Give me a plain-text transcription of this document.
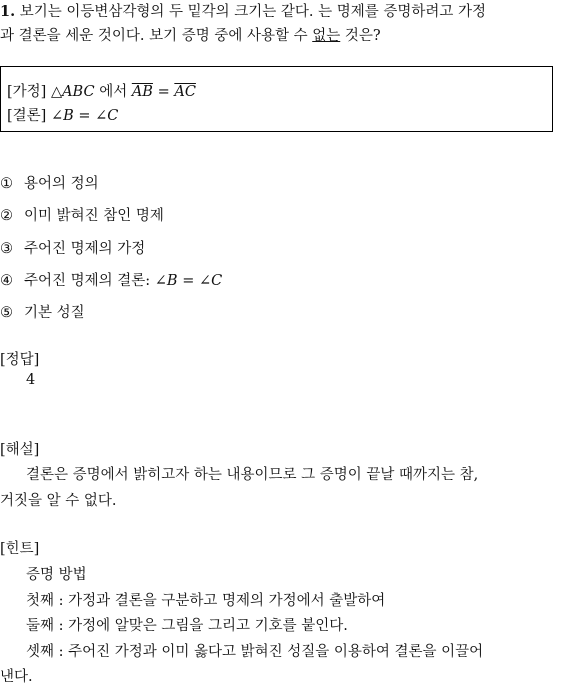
1. 보기는 이등변삼각형의 두 밑각의 크기는 같다. 는 명제를 증명하려고 가정
과 결론을 세운 것이다. 보기 증명 중에 사용할 수 없는 것은?
[가정] △ABC 에서 $\overline{AB} = \overline{AC}$
[결론] ∠B = ∠C
① 용어의 정의
② 이미 밝혀진 참인 명제
③ 주어진 명제의 가정
④ 주어진 명제의 결론: ∠B = ∠C
⑤ 기본 성질
[정답]
4
[해설]
결론은 증명에서 밝히고자 하는 내용이므로 그 증명이 끝날 때까지는 참,
거짓을 알 수 없다.
[힌트]
증명 방법
첫째 : 가정과 결론을 구분하고 명제의 가정에서 출발하여
둘째 : 가정에 알맞은 그림을 그리고 기호를 붙인다.
셋째 : 주어진 가정과 이미 옳다고 밝혀진 성질을 이용하여 결론을 이끌어
낸다.
